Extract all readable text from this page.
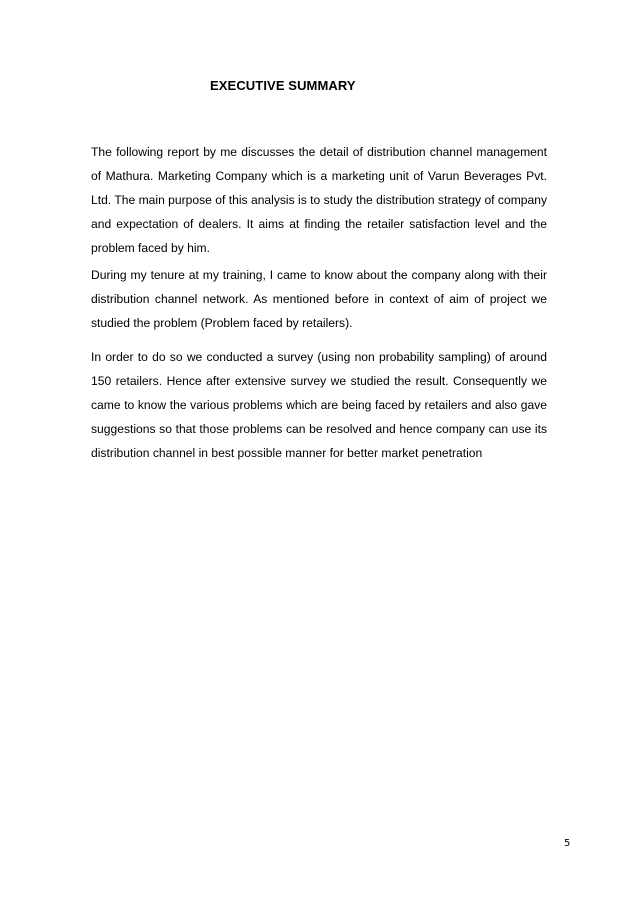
EXECUTIVE SUMMARY

The following report by me discusses the detail of distribution channel management of Mathura. Marketing Company which is a marketing unit of Varun Beverages Pvt. Ltd. The main purpose of this analysis is to study the distribution strategy of company and expectation of dealers. It aims at finding the retailer satisfaction level and the problem faced by him.

During my tenure at my training, I came to know about the company along with their distribution channel network. As mentioned before in context of aim of project we studied the problem (Problem faced by retailers).

In order to do so we conducted a survey (using non probability sampling) of around 150 retailers. Hence after extensive survey we studied the result. Consequently we came to know the various problems which are being faced by retailers and also gave suggestions so that those problems can be resolved and hence company can use its distribution channel in best possible manner for better market penetration

5
